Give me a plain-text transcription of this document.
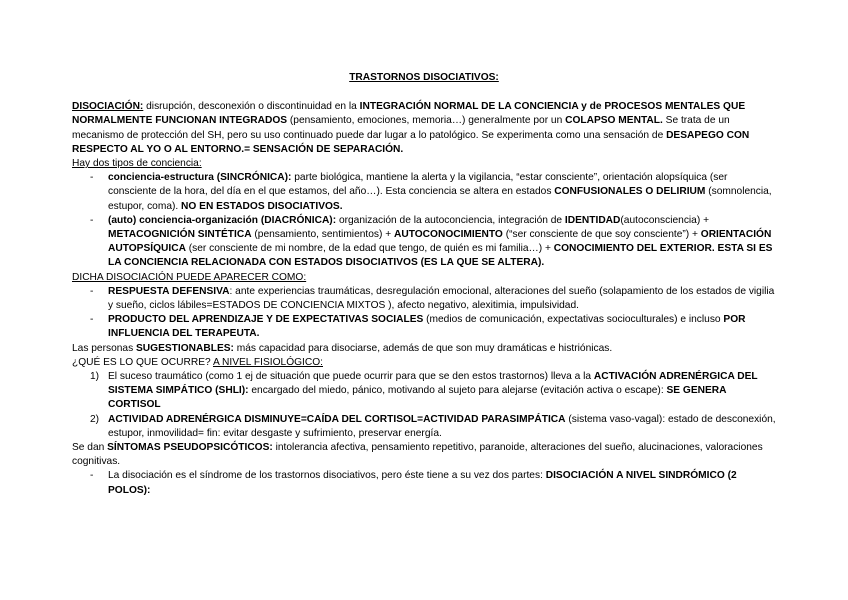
TRASTORNOS DISOCIATIVOS:

DISOCIACIÓN: disrupción, desconexión o discontinuidad en la INTEGRACIÓN NORMAL DE LA CONCIENCIA y de PROCESOS MENTALES QUE NORMALMENTE FUNCIONAN INTEGRADOS (pensamiento, emociones, memoria…) generalmente por un COLAPSO MENTAL. Se trata de un mecanismo de protección del SH, pero su uso continuado puede dar lugar a lo patológico. Se experimenta como una sensación de DESAPEGO CON RESPECTO AL YO O AL ENTORNO.= SENSACIÓN DE SEPARACIÓN.

Hay dos tipos de conciencia:

- conciencia-estructura (SINCRÓNICA): parte biológica, mantiene la alerta y la vigilancia, “estar consciente”, orientación alopsíquica (ser consciente de la hora, del día en el que estamos, del año…). Esta conciencia se altera en estados CONFUSIONALES O DELIRIUM (somnolencia, estupor, coma). NO EN ESTADOS DISOCIATIVOS.

- (auto) conciencia-organización (DIACRÓNICA): organización de la autoconciencia, integración de IDENTIDAD(autoconsciencia) + METACOGNICIÓN SINTÉTICA (pensamiento, sentimientos) + AUTOCONOCIMIENTO (“ser consciente de que soy consciente”) + ORIENTACIÓN AUTOPSÍQUICA (ser consciente de mi nombre, de la edad que tengo, de quién es mi familia…) + CONOCIMIENTO DEL EXTERIOR. ESTA SI ES LA CONCIENCIA RELACIONADA CON ESTADOS DISOCIATIVOS (ES LA QUE SE ALTERA).

DICHA DISOCIACIÓN PUEDE APARECER COMO:

- RESPUESTA DEFENSIVA: ante experiencias traumáticas, desregulación emocional, alteraciones del sueño (solapamiento de los estados de vigilia y sueño, ciclos lábiles=ESTADOS DE CONCIENCIA MIXTOS ), afecto negativo, alexitimia, impulsividad.

- PRODUCTO DEL APRENDIZAJE Y DE EXPECTATIVAS SOCIALES (medios de comunicación, expectativas socioculturales) e incluso POR INFLUENCIA DEL TERAPEUTA.

Las personas SUGESTIONABLES: más capacidad para disociarse, además de que son muy dramáticas e histriónicas.

¿QUÉ ES LO QUE OCURRE? A NIVEL FISIOLÓGICO:

1) El suceso traumático (como 1 ej de situación que puede ocurrir para que se den estos trastornos) lleva a la ACTIVACIÓN ADRENÉRGICA DEL SISTEMA SIMPÁTICO (SHLI): encargado del miedo, pánico, motivando al sujeto para alejarse (evitación activa o escape): SE GENERA CORTISOL

2) ACTIVIDAD ADRENÉRGICA DISMINUYE=CAÍDA DEL CORTISOL=ACTIVIDAD PARASIMPÁTICA (sistema vaso-vagal): estado de desconexión, estupor, inmovilidad= fin: evitar desgaste y sufrimiento, preservar energía.

Se dan SÍNTOMAS PSEUDOPSICÓTICOS: intolerancia afectiva, pensamiento repetitivo, paranoide, alteraciones del sueño, alucinaciones, valoraciones cognitivas.

- La disociación es el síndrome de los trastornos disociativos, pero éste tiene a su vez dos partes: DISOCIACIÓN A NIVEL SINDRÓMICO (2 POLOS):
